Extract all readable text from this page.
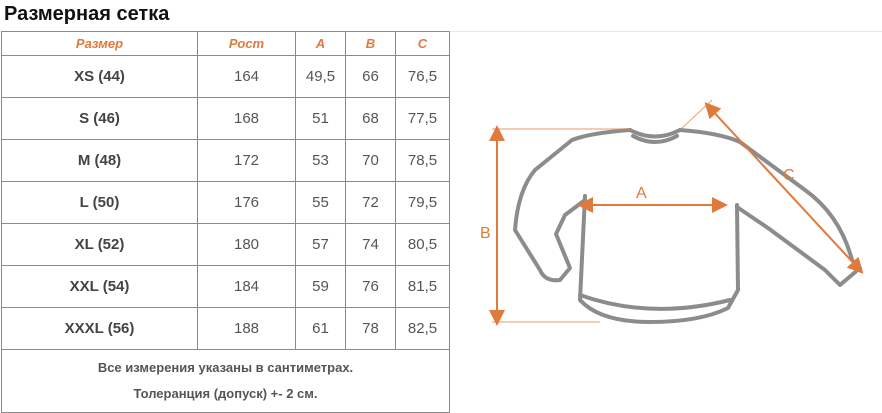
Размерная сетка
Размер	Рост	A	B	C
XS (44)	164	49,5	66	76,5
S (46)	168	51	68	77,5
M (48)	172	53	70	78,5
L (50)	176	55	72	79,5
XL (52)	180	57	74	80,5
XXL (54)	184	59	76	81,5
XXXL (56)	188	61	78	82,5

Все измерения указаны в сантиметрах.
Толеранция (допуск) +- 2 см.				
A
B
C
